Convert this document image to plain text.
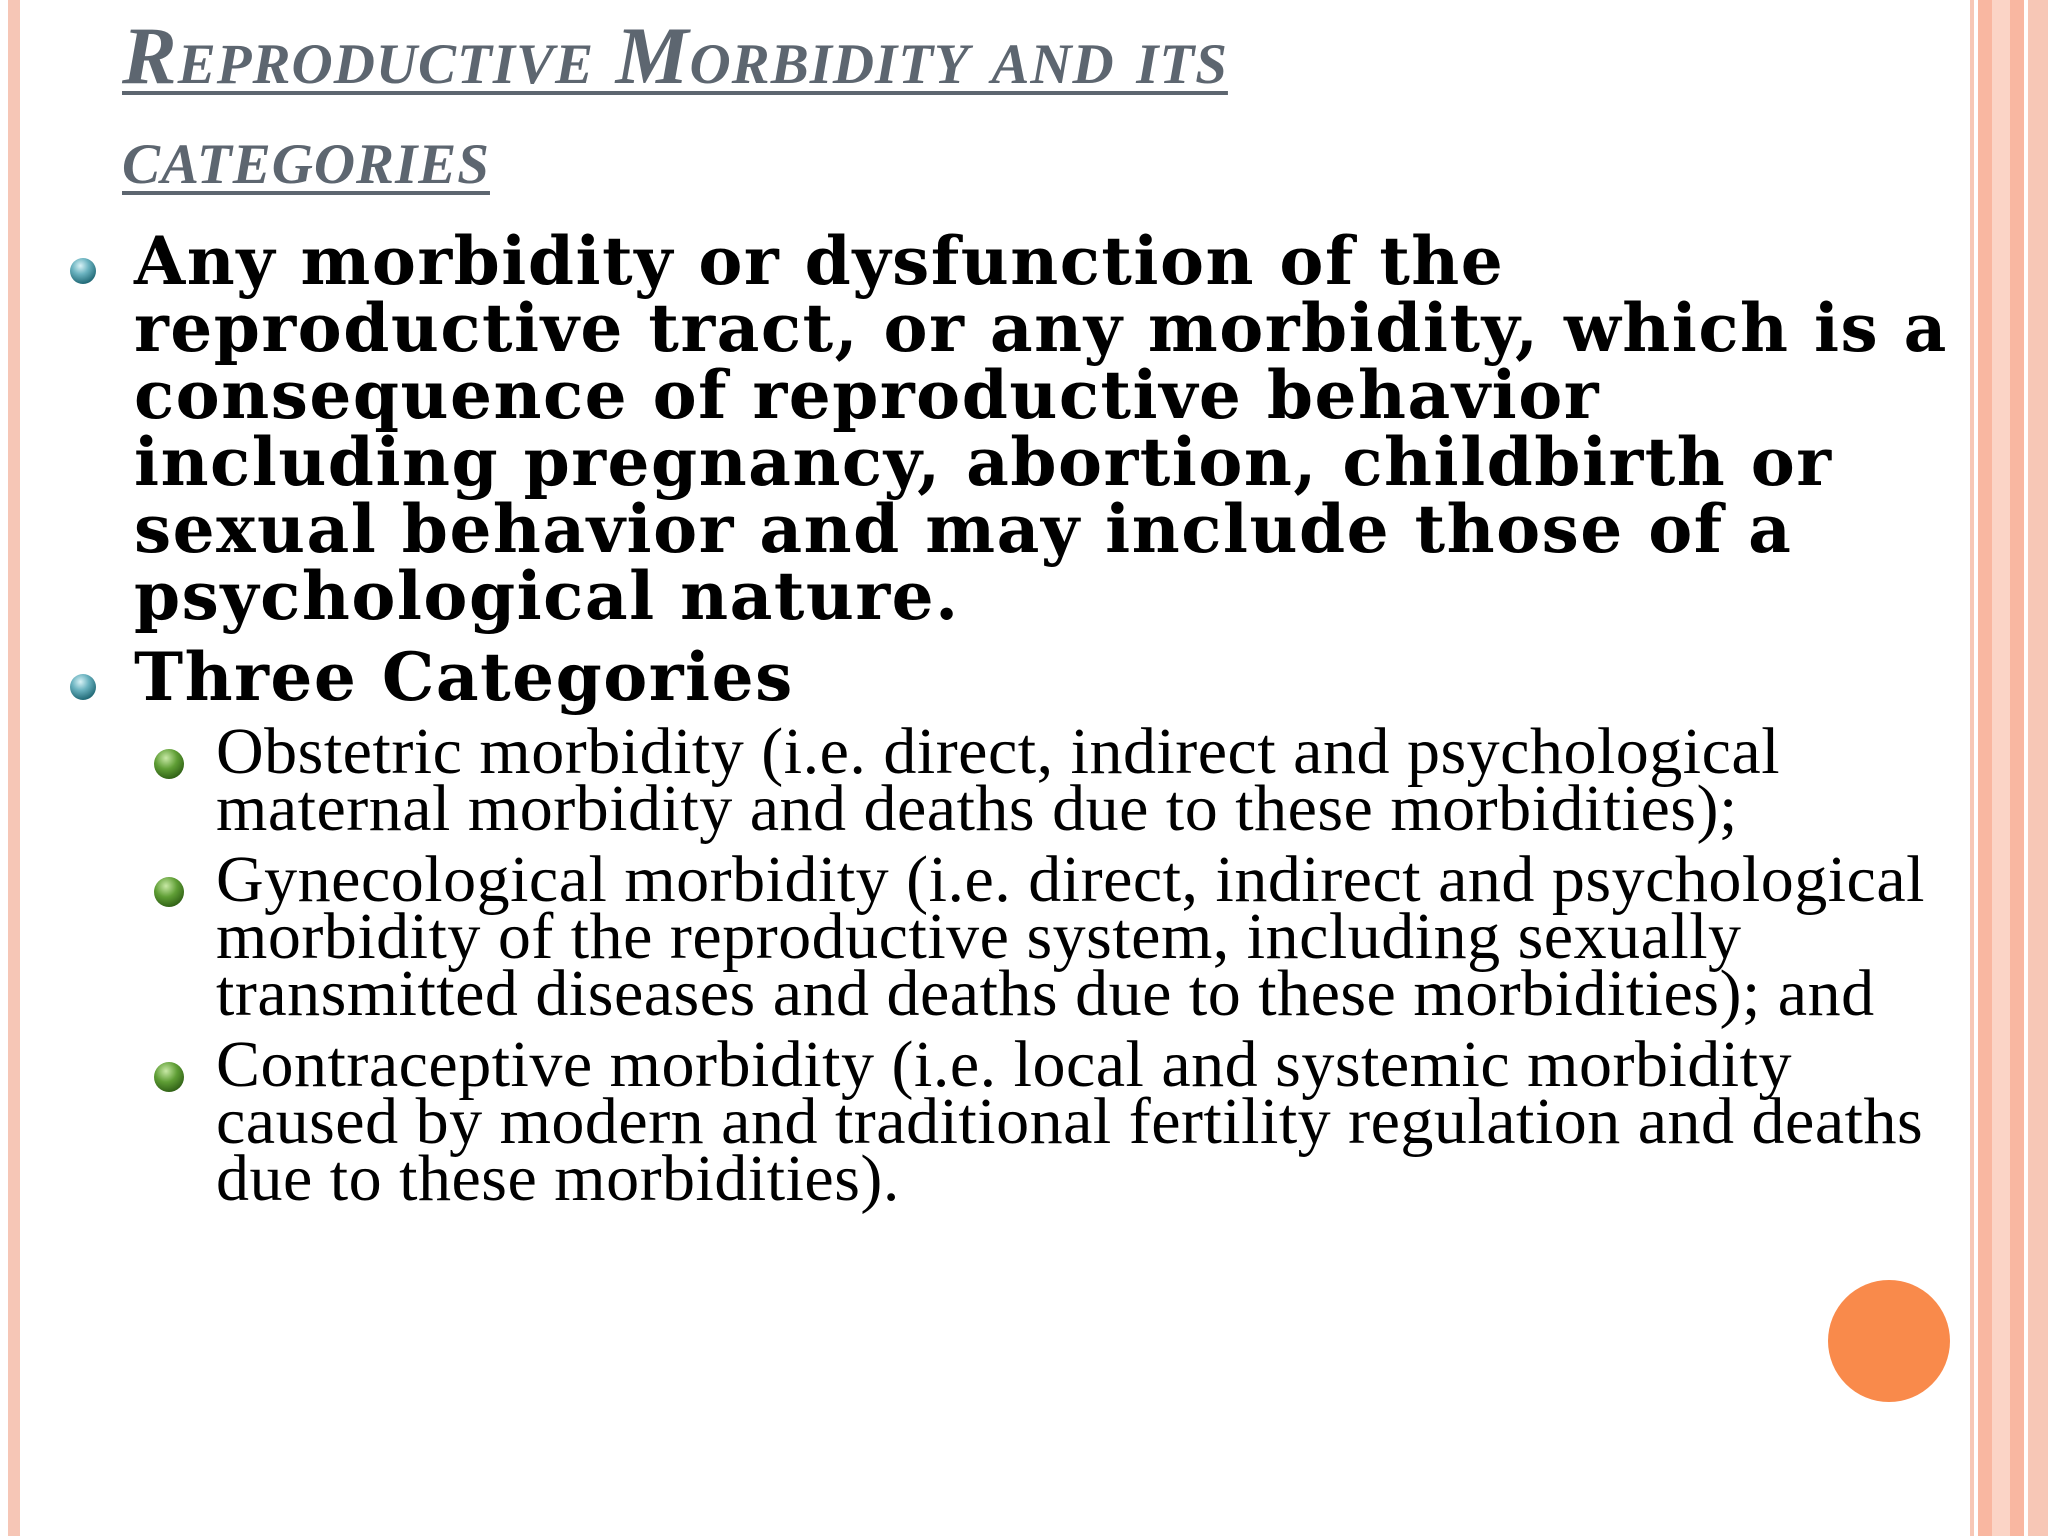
Reproductive Morbidity and its
categories
Any morbidity or dysfunction of the reproductive tract, or any morbidity, which is a consequence of reproductive behavior including pregnancy, abortion, childbirth or sexual behavior and may include those of a psychological nature.
Three Categories
Obstetric morbidity (i.e. direct, indirect and psychological maternal morbidity and deaths due to these morbidities);
Gynecological morbidity (i.e. direct, indirect and psychological morbidity of the reproductive system, including sexually transmitted diseases and deaths due to these morbidities); and
Contraceptive morbidity (i.e. local and systemic morbidity caused by modern and traditional fertility regulation and deaths due to these morbidities).
